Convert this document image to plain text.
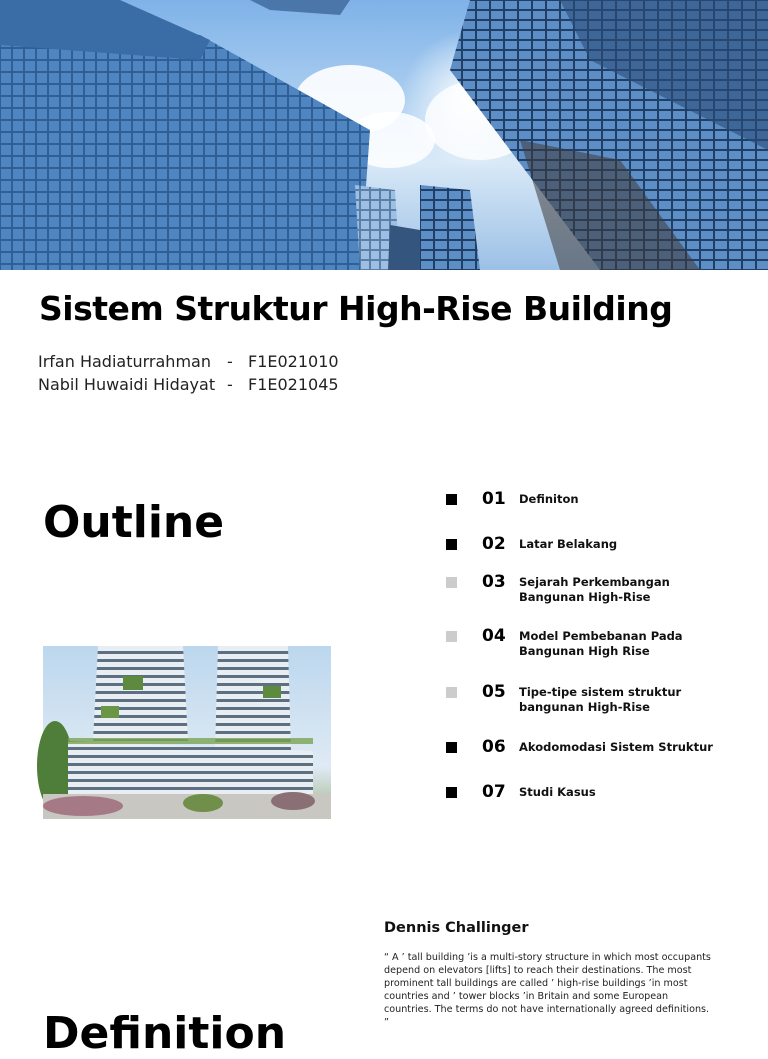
Sistem Struktur High-Rise Building
Irfan Hadiaturrahman	- F1E021010
Nabil Huwaidi Hidayat - F1E021045
Outline	01	Definiton
02	Latar Belakang
03	Sejarah Perkembangan Bangunan High-Rise
04	Model Pembebanan Pada Bangunan High Rise
05	Tipe-tipe sistem struktur bangunan High-Rise
06	Akodomodasi Sistem Struktur
07	Studi Kasus
Dennis Challinger
“ A ’ tall building ’is a multi-story structure in which most occupants depend on elevators [lifts] to reach their destinations. The most prominent tall buildings are called ’ high-rise buildings ’in most countries and ’ tower blocks ’in Britain and some European countries. The terms do not have internationally agreed definitions. ”
Definition
